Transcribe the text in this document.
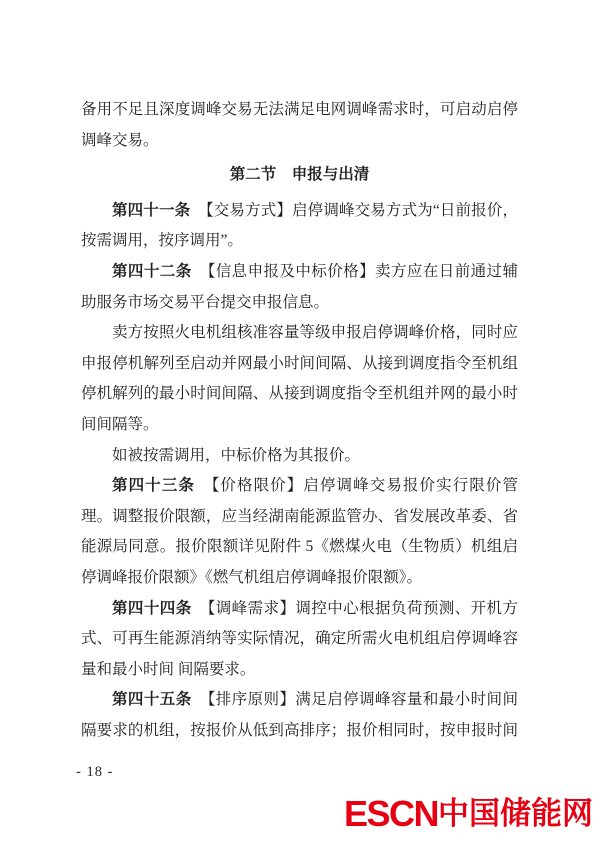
备用不足且深度调峰交易无法满足电网调峰需求时，可启动启停
调峰交易。
第二节　申报与出清
第四十一条　【交易方式】启停调峰交易方式为“日前报价，
按需调用，按序调用”。
第四十二条　【信息申报及中标价格】卖方应在日前通过辅
助服务市场交易平台提交申报信息。
卖方按照火电机组核准容量等级申报启停调峰价格，同时应
申报停机解列至启动并网最小时间间隔、从接到调度指令至机组
停机解列的最小时间间隔、从接到调度指令至机组并网的最小时
间间隔等。
如被按需调用，中标价格为其报价。
第四十三条　【价格限价】启停调峰交易报价实行限价管
理。调整报价限额，应当经湖南能源监管办、省发展改革委、省
能源局同意。报价限额详见附件 5《燃煤火电（生物质）机组启
停调峰报价限额》《燃气机组启停调峰报价限额》。
第四十四条　【调峰需求】调控中心根据负荷预测、开机方
式、可再生能源消纳等实际情况，确定所需火电机组启停调峰容
量和最小时间 间隔要求。
第四十五条　【排序原则】满足启停调峰容量和最小时间间
隔要求的机组，按报价从低到高排序；报价相同时，按申报时间
- 18 -
ESCN中国储能网
